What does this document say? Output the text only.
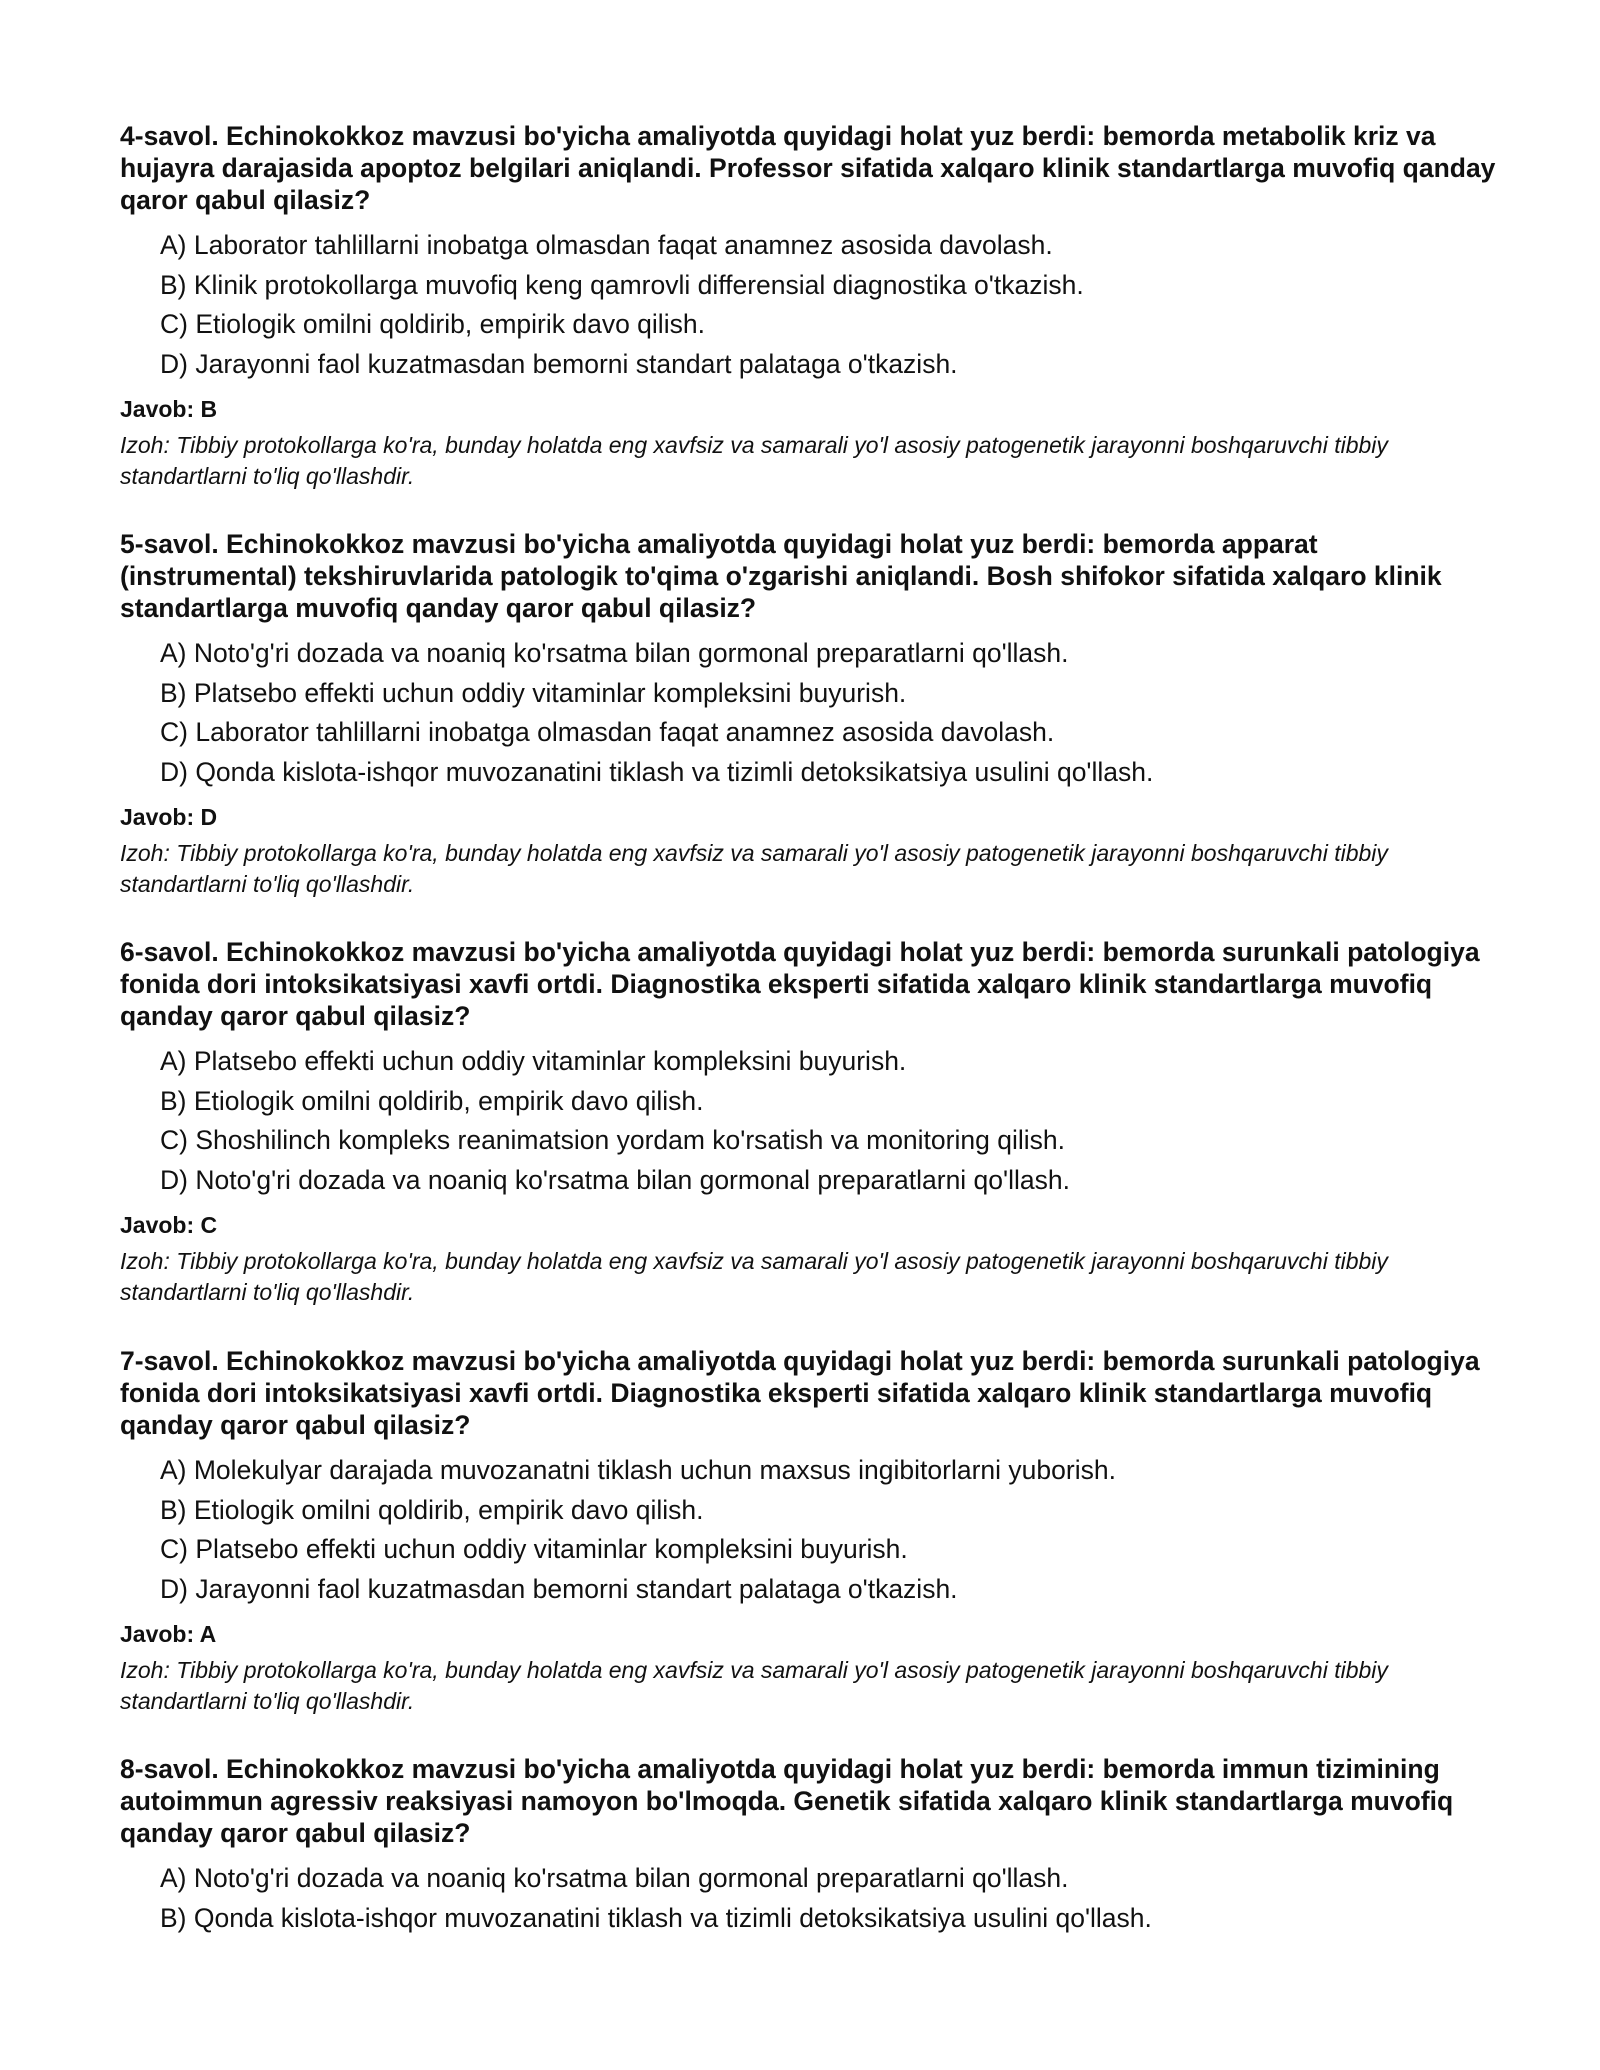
4-savol. Echinokokkoz mavzusi bo'yicha amaliyotda quyidagi holat yuz berdi: bemorda metabolik kriz va hujayra darajasida apoptoz belgilari aniqlandi. Professor sifatida xalqaro klinik standartlarga muvofiq qanday qaror qabul qilasiz?

A) Laborator tahlillarni inobatga olmasdan faqat anamnez asosida davolash.
B) Klinik protokollarga muvofiq keng qamrovli differensial diagnostika o'tkazish.
C) Etiologik omilni qoldirib, empirik davo qilish.
D) Jarayonni faol kuzatmasdan bemorni standart palataga o'tkazish.

Javob: B

Izoh: Tibbiy protokollarga ko'ra, bunday holatda eng xavfsiz va samarali yo'l asosiy patogenetik jarayonni boshqaruvchi tibbiy standartlarni to'liq qo'llashdir.

5-savol. Echinokokkoz mavzusi bo'yicha amaliyotda quyidagi holat yuz berdi: bemorda apparat (instrumental) tekshiruvlarida patologik to'qima o'zgarishi aniqlandi. Bosh shifokor sifatida xalqaro klinik standartlarga muvofiq qanday qaror qabul qilasiz?

A) Noto'g'ri dozada va noaniq ko'rsatma bilan gormonal preparatlarni qo'llash.
B) Platsebo effekti uchun oddiy vitaminlar kompleksini buyurish.
C) Laborator tahlillarni inobatga olmasdan faqat anamnez asosida davolash.
D) Qonda kislota-ishqor muvozanatini tiklash va tizimli detoksikatsiya usulini qo'llash.

Javob: D

Izoh: Tibbiy protokollarga ko'ra, bunday holatda eng xavfsiz va samarali yo'l asosiy patogenetik jarayonni boshqaruvchi tibbiy standartlarni to'liq qo'llashdir.

6-savol. Echinokokkoz mavzusi bo'yicha amaliyotda quyidagi holat yuz berdi: bemorda surunkali patologiya fonida dori intoksikatsiyasi xavfi ortdi. Diagnostika eksperti sifatida xalqaro klinik standartlarga muvofiq qanday qaror qabul qilasiz?

A) Platsebo effekti uchun oddiy vitaminlar kompleksini buyurish.
B) Etiologik omilni qoldirib, empirik davo qilish.
C) Shoshilinch kompleks reanimatsion yordam ko'rsatish va monitoring qilish.
D) Noto'g'ri dozada va noaniq ko'rsatma bilan gormonal preparatlarni qo'llash.

Javob: C

Izoh: Tibbiy protokollarga ko'ra, bunday holatda eng xavfsiz va samarali yo'l asosiy patogenetik jarayonni boshqaruvchi tibbiy standartlarni to'liq qo'llashdir.

7-savol. Echinokokkoz mavzusi bo'yicha amaliyotda quyidagi holat yuz berdi: bemorda surunkali patologiya fonida dori intoksikatsiyasi xavfi ortdi. Diagnostika eksperti sifatida xalqaro klinik standartlarga muvofiq qanday qaror qabul qilasiz?

A) Molekulyar darajada muvozanatni tiklash uchun maxsus ingibitorlarni yuborish.
B) Etiologik omilni qoldirib, empirik davo qilish.
C) Platsebo effekti uchun oddiy vitaminlar kompleksini buyurish.
D) Jarayonni faol kuzatmasdan bemorni standart palataga o'tkazish.

Javob: A

Izoh: Tibbiy protokollarga ko'ra, bunday holatda eng xavfsiz va samarali yo'l asosiy patogenetik jarayonni boshqaruvchi tibbiy standartlarni to'liq qo'llashdir.

8-savol. Echinokokkoz mavzusi bo'yicha amaliyotda quyidagi holat yuz berdi: bemorda immun tizimining autoimmun agressiv reaksiyasi namoyon bo'lmoqda. Genetik sifatida xalqaro klinik standartlarga muvofiq qanday qaror qabul qilasiz?

A) Noto'g'ri dozada va noaniq ko'rsatma bilan gormonal preparatlarni qo'llash.
B) Qonda kislota-ishqor muvozanatini tiklash va tizimli detoksikatsiya usulini qo'llash.
